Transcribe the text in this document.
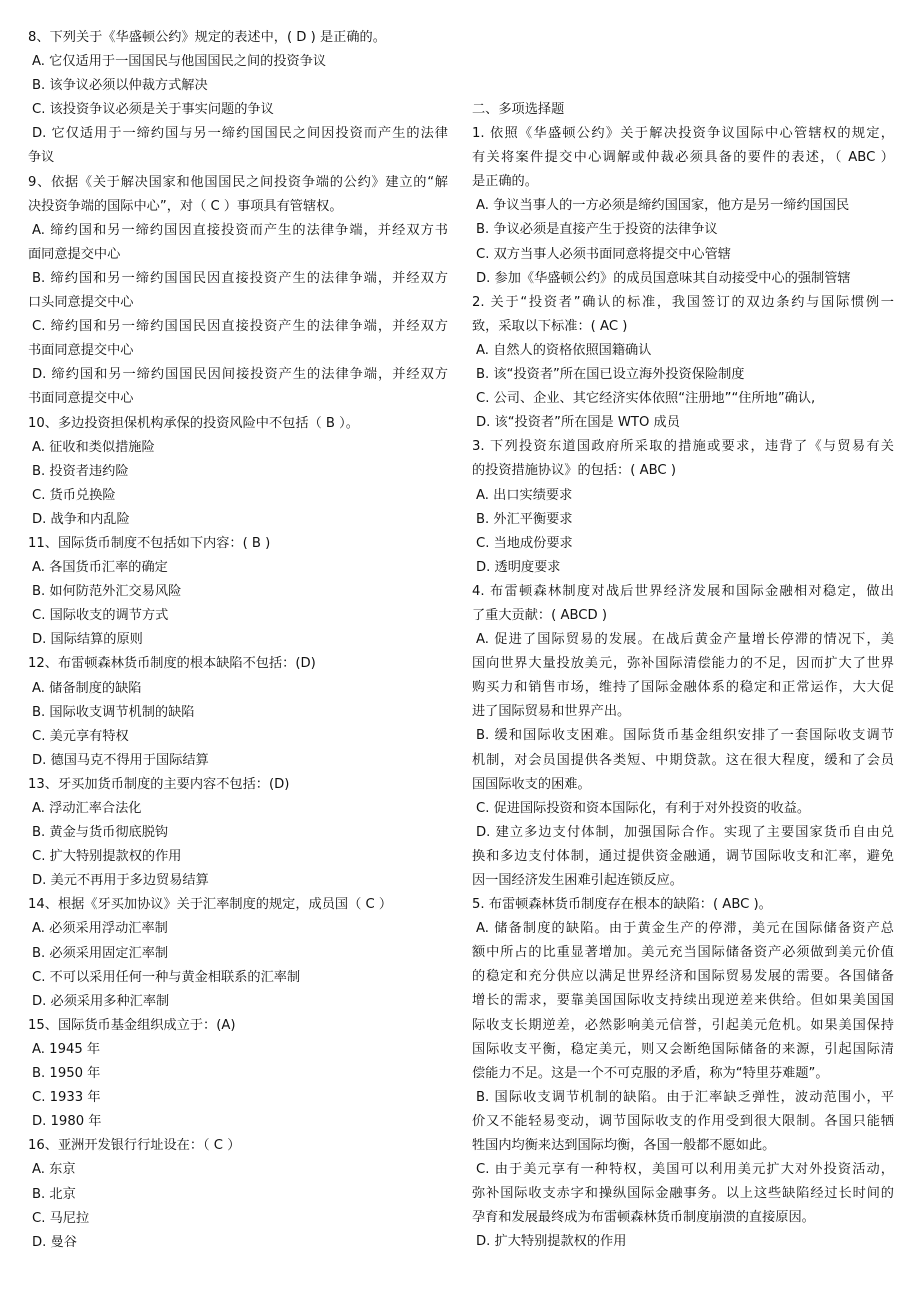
8、下列关于《华盛顿公约》规定的表述中，( D ) 是正确的。
A. 它仅适用于一国国民与他国国民之间的投资争议
B. 该争议必须以仲裁方式解决
C. 该投资争议必须是关于事实问题的争议
D. 它仅适用于一缔约国与另一缔约国国民之间因投资而产生的法律
争议
9、依据《关于解决国家和他国国民之间投资争端的公约》建立的“解
决投资争端的国际中心”，对（ C ）事项具有管辖权。
A. 缔约国和另一缔约国因直接投资而产生的法律争端，并经双方书
面同意提交中心
B. 缔约国和另一缔约国国民因直接投资产生的法律争端，并经双方
口头同意提交中心
C. 缔约国和另一缔约国国民因直接投资产生的法律争端，并经双方
书面同意提交中心
D. 缔约国和另一缔约国国民因间接投资产生的法律争端，并经双方
书面同意提交中心
10、多边投资担保机构承保的投资风险中不包括（ B ）。
A. 征收和类似措施险
B. 投资者违约险
C. 货币兑换险
D. 战争和内乱险
11、国际货币制度不包括如下内容：( B )
A. 各国货币汇率的确定
B. 如何防范外汇交易风险
C. 国际收支的调节方式
D. 国际结算的原则
12、布雷顿森林货币制度的根本缺陷不包括：(D)
A. 储备制度的缺陷
B. 国际收支调节机制的缺陷
C. 美元享有特权
D. 德国马克不得用于国际结算
13、牙买加货币制度的主要内容不包括：(D)
A. 浮动汇率合法化
B. 黄金与货币彻底脱钩
C. 扩大特别提款权的作用
D. 美元不再用于多边贸易结算
14、根据《牙买加协议》关于汇率制度的规定，成员国（ C ）
A. 必须采用浮动汇率制
B. 必须采用固定汇率制
C. 不可以采用任何一种与黄金相联系的汇率制
D. 必须采用多种汇率制
15、国际货币基金组织成立于：(A)
A. 1945 年
B. 1950 年
C. 1933 年
D. 1980 年
16、亚洲开发银行行址设在：（ C ）
A. 东京
B. 北京
C. 马尼拉
D. 曼谷
二、多项选择题
1. 依照《华盛顿公约》关于解决投资争议国际中心管辖权的规定，
有关将案件提交中心调解或仲裁必须具备的要件的表述，（ ABC ）
是正确的。
A. 争议当事人的一方必须是缔约国国家，他方是另一缔约国国民
B. 争议必须是直接产生于投资的法律争议
C. 双方当事人必须书面同意将提交中心管辖
D. 参加《华盛顿公约》的成员国意味其自动接受中心的强制管辖
2. 关于“投资者”确认的标准，我国签订的双边条约与国际惯例一
致，采取以下标准：( AC )
A. 自然人的资格依照国籍确认
B. 该“投资者”所在国已设立海外投资保险制度
C. 公司、企业、其它经济实体依照“注册地”“住所地”确认,
D. 该“投资者”所在国是 WTO 成员
3. 下列投资东道国政府所采取的措施或要求，违背了《与贸易有关
的投资措施协议》的包括：( ABC )
A. 出口实绩要求
B. 外汇平衡要求
C. 当地成份要求
D. 透明度要求
4. 布雷顿森林制度对战后世界经济发展和国际金融相对稳定，做出
了重大贡献：( ABCD )
A. 促进了国际贸易的发展。在战后黄金产量增长停滞的情况下，美
国向世界大量投放美元，弥补国际清偿能力的不足，因而扩大了世界
购买力和销售市场，维持了国际金融体系的稳定和正常运作，大大促
进了国际贸易和世界产出。
B. 缓和国际收支困难。国际货币基金组织安排了一套国际收支调节
机制，对会员国提供各类短、中期贷款。这在很大程度，缓和了会员
国国际收支的困难。
C. 促进国际投资和资本国际化，有利于对外投资的收益。
D. 建立多边支付体制，加强国际合作。实现了主要国家货币自由兑
换和多边支付体制，通过提供资金融通，调节国际收支和汇率，避免
因一国经济发生困难引起连锁反应。
5. 布雷顿森林货币制度存在根本的缺陷：( ABC )。
A. 储备制度的缺陷。由于黄金生产的停滞，美元在国际储备资产总
额中所占的比重显著增加。美元充当国际储备资产必须做到美元价值
的稳定和充分供应以满足世界经济和国际贸易发展的需要。各国储备
增长的需求，要靠美国国际收支持续出现逆差来供给。但如果美国国
际收支长期逆差，必然影响美元信誉，引起美元危机。如果美国保持
国际收支平衡，稳定美元，则又会断绝国际储备的来源，引起国际清
偿能力不足。这是一个不可克服的矛盾，称为“特里芬难题”。
B. 国际收支调节机制的缺陷。由于汇率缺乏弹性，波动范围小，平
价又不能轻易变动，调节国际收支的作用受到很大限制。各国只能牺
牲国内均衡来达到国际均衡，各国一般都不愿如此。
C. 由于美元享有一种特权，美国可以利用美元扩大对外投资活动，
弥补国际收支赤字和操纵国际金融事务。以上这些缺陷经过长时间的
孕育和发展最终成为布雷顿森林货币制度崩溃的直接原因。
D. 扩大特别提款权的作用
